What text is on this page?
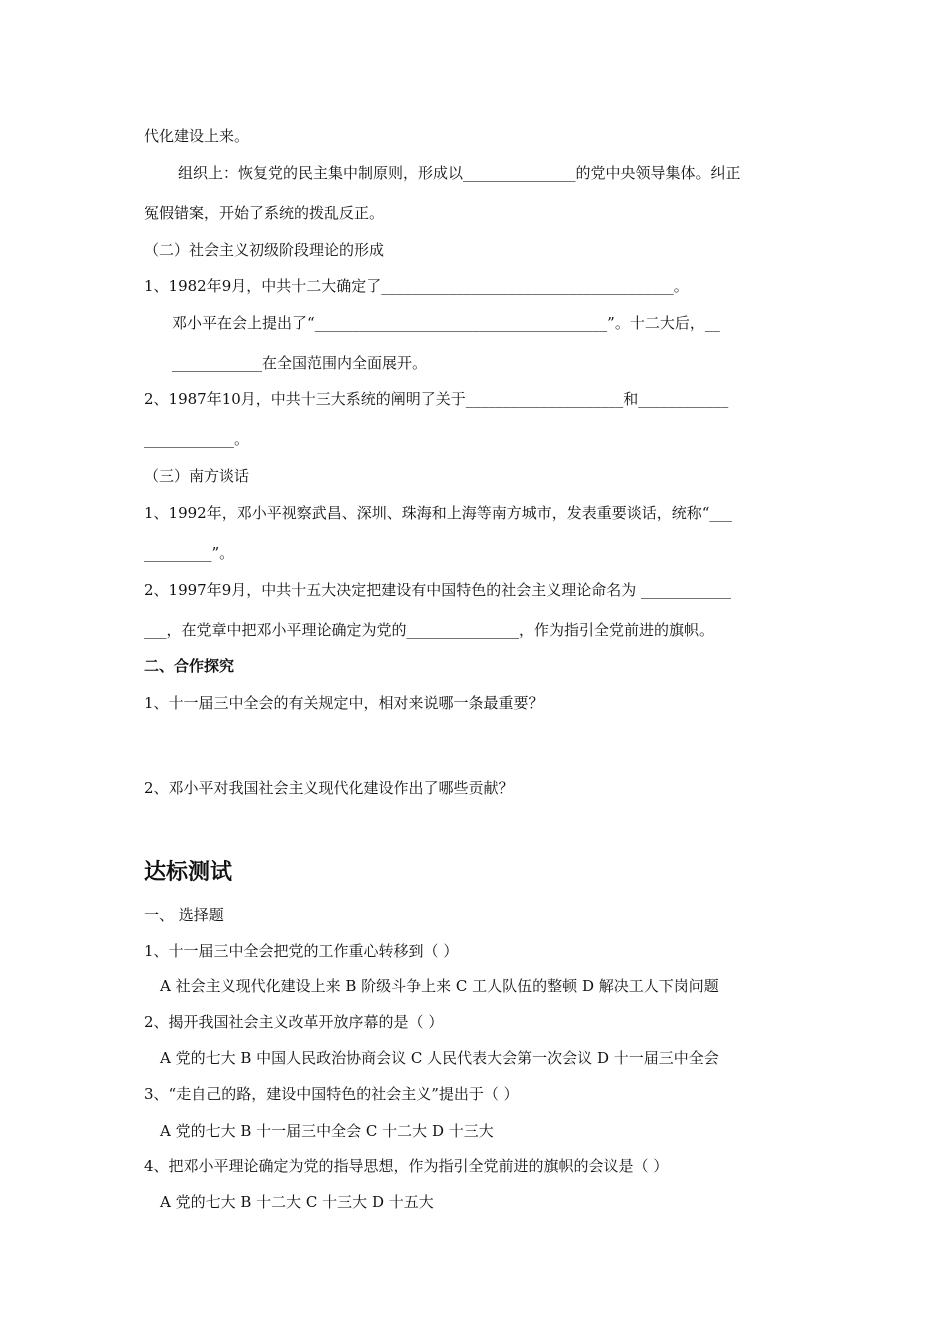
代化建设上来。
组织上：恢复党的民主集中制原则，形成以_______________的党中央领导集体。纠正
冤假错案，开始了系统的拨乱反正。
（二）社会主义初级阶段理论的形成
1、1982年9月，中共十二大确定了_______________________________________。
邓小平在会上提出了“_______________________________________”。十二大后，__
____________在全国范围内全面展开。
2、1987年10月，中共十三大系统的阐明了关于_____________________和____________
____________。
（三）南方谈话
1、1992年，邓小平视察武昌、深圳、珠海和上海等南方城市，发表重要谈话，统称“___
_________”。
2、1997年9月，中共十五大决定把建设有中国特色的社会主义理论命名为 ____________
___，在党章中把邓小平理论确定为党的_______________，作为指引全党前进的旗帜。
二、合作探究
1、十一届三中全会的有关规定中，相对来说哪一条最重要？
2、邓小平对我国社会主义现代化建设作出了哪些贡献？
达标测试
一、 选择题
1、十一届三中全会把党的工作重心转移到（ ）
A 社会主义现代化建设上来 B 阶级斗争上来 C 工人队伍的整顿 D 解决工人下岗问题
2、揭开我国社会主义改革开放序幕的是（ ）
A 党的七大 B 中国人民政治协商会议 C 人民代表大会第一次会议 D 十一届三中全会
3、“走自己的路，建设中国特色的社会主义”提出于（ ）
A 党的七大 B 十一届三中全会 C 十二大 D 十三大
4、把邓小平理论确定为党的指导思想，作为指引全党前进的旗帜的会议是（ ）
A 党的七大 B 十二大 C 十三大 D 十五大
